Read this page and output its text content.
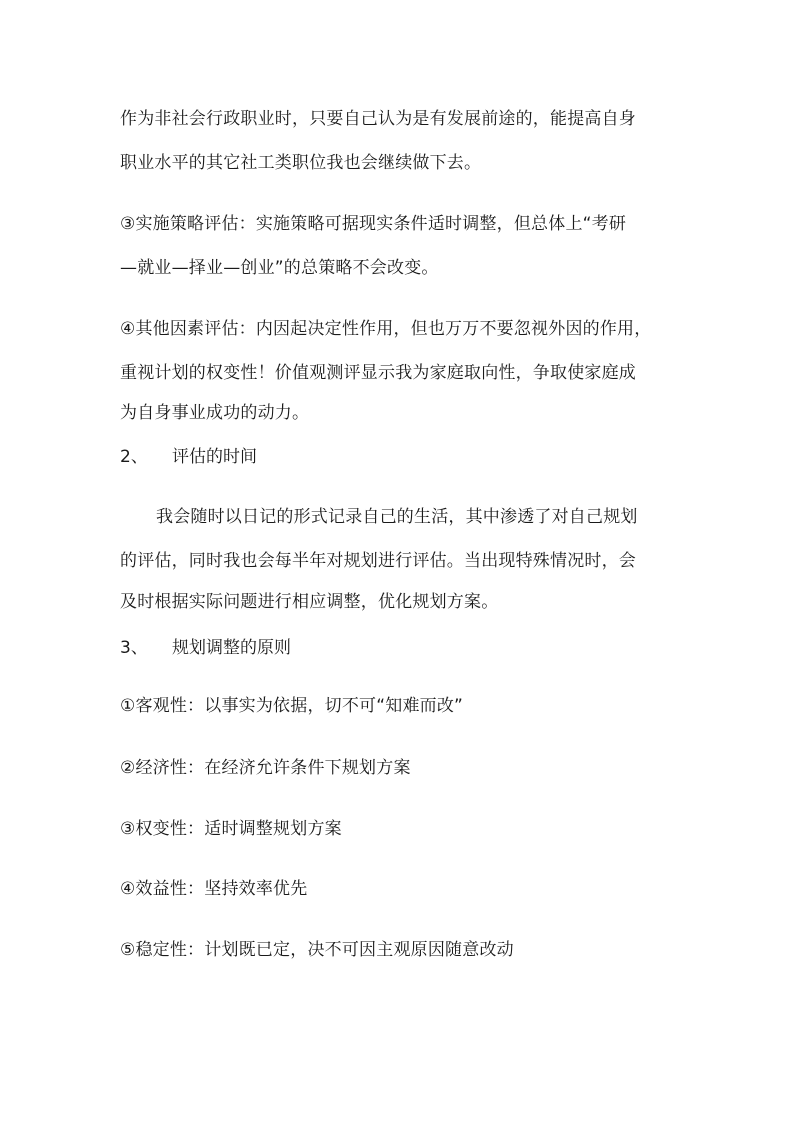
作为非社会行政职业时，只要自己认为是有发展前途的，能提高自身
职业水平的其它社工类职位我也会继续做下去。
③实施策略评估：实施策略可据现实条件适时调整，但总体上“考研
—就业—择业—创业”的总策略不会改变。
④其他因素评估：内因起决定性作用，但也万万不要忽视外因的作用，
重视计划的权变性！价值观测评显示我为家庭取向性，争取使家庭成
为自身事业成功的动力。
2、 评估的时间
我会随时以日记的形式记录自己的生活，其中渗透了对自己规划
的评估，同时我也会每半年对规划进行评估。当出现特殊情况时，会
及时根据实际问题进行相应调整，优化规划方案。
3、 规划调整的原则
①客观性：以事实为依据，切不可“知难而改”
②经济性：在经济允许条件下规划方案
③权变性：适时调整规划方案
④效益性：坚持效率优先
⑤稳定性：计划既已定，决不可因主观原因随意改动
